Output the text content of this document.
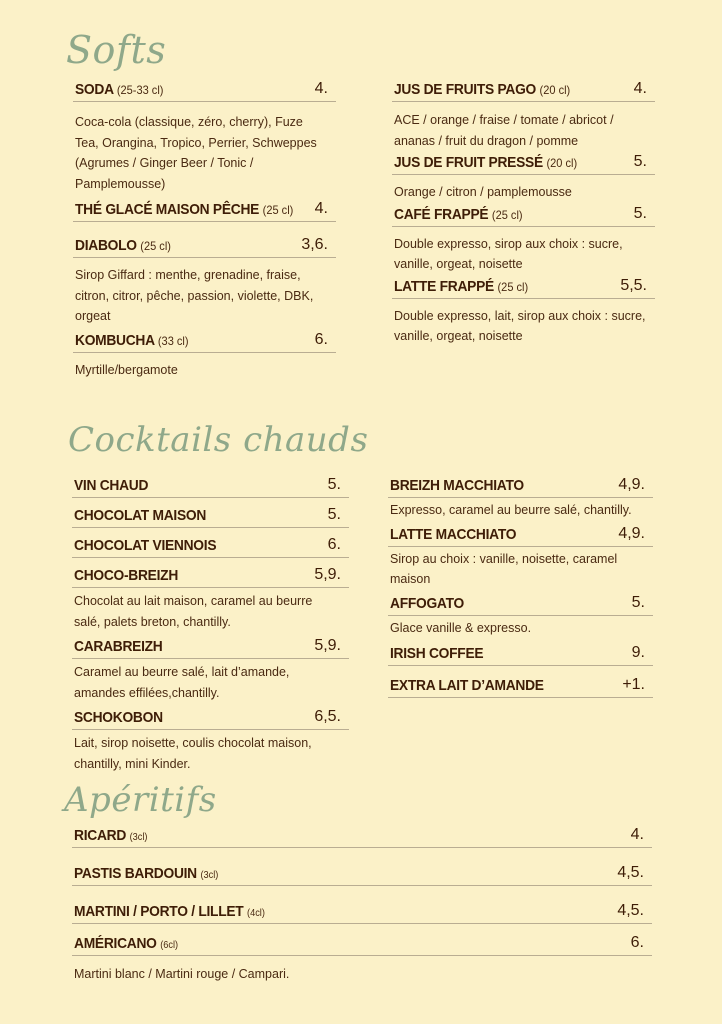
Softs
SODA (25-33 cl)	4.

Coca-cola (classique, zéro, cherry), Fuze Tea, Orangina, Tropico, Perrier, Schweppes (Agrumes / Ginger Beer / Tonic / Pamplemousse)

THÉ GLACÉ MAISON PÊCHE (25 cl) 4.
DIABOLO (25 cl)	3,6.

Sirop Giffard : menthe, grenadine, fraise, citron, citror, pêche, passion, violette, DBK, orgeat

KOMBUCHA (33 cl)	6.

Myrtille/bergamote

JUS DE FRUITS PAGO (20 cl)	4.

ACE / orange / fraise / tomate / abricot / ananas / fruit du dragon / pomme

JUS DE FRUIT PRESSÉ (20 cl)	5.

Orange / citron / pamplemousse

CAFÉ FRAPPÉ (25 cl)	5.

Double expresso, sirop aux choix : sucre, vanille, orgeat, noisette

LATTE FRAPPÉ (25 cl)	5,5.

Double expresso, lait, sirop aux choix : sucre, vanille, orgeat, noisette

Cocktails chauds
VIN CHAUD	5.
CHOCOLAT MAISON	5.
CHOCOLAT VIENNOIS	6.
CHOCO-BREIZH	5,9.

Chocolat au lait maison, caramel au beurre salé, palets breton, chantilly.

CARABREIZH	5,9.

Caramel au beurre salé, lait d’amande, amandes effilées,chantilly.

SCHOKOBON	6,5.

Lait, sirop noisette, coulis chocolat maison, chantilly, mini Kinder.

BREIZH MACCHIATO	4,9.

Expresso, caramel au beurre salé, chantilly.

LATTE MACCHIATO	4,9.

Sirop au choix : vanille, noisette, caramel maison

AFFOGATO	5.

Glace vanille & expresso.

IRISH COFFEE	9.
EXTRA LAIT D’AMANDE	+1.
Apéritifs
RICARD (3cl)	4.
PASTIS BARDOUIN (3cl)	4,5.
MARTINI / PORTO / LILLET (4cl)	4,5.
AMÉRICANO (6cl)	6.

Martini blanc / Martini rouge / Campari.
